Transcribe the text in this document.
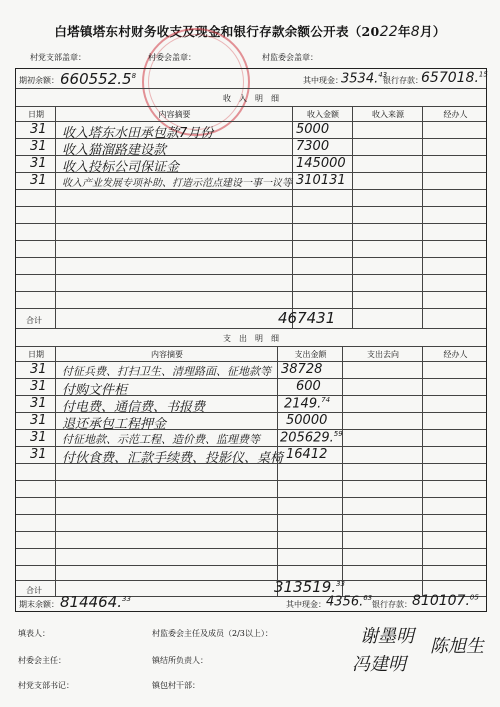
白塔镇塔东村财务收支及现金和银行存款余额公开表（2022年8月）
村党支部盖章：	村委会盖章：	村监委会盖章：
期初余额： 660552.5$^8$	其中现金：
3534.43
银行存款：
657018.15
收　入　明　细
日期	内容摘要	收入金额	收入来源	经办人
31 收入塔东水田承包款7月份	5000
31 收入猫溜路建设款	7300
31 收入投标公司保证金	145000
31 收入产业发展专项补助、打造示范点建设一事一议等 310131
合计	467431
支　出　明　细
日期	内容摘要	支出金额	支出去向	经办人
31 付征兵费、打扫卫生、清理路面、征地款等 38728
31 付购文件柜	600
31 付电费、通信费、书报费	2149.74
31 退还承包工程押金	50000
31 付征地款、示范工程、造价费、监理费等 205629.59
31 付伙食费、汇款手续费、投影仪、桌椅 16412
合计	313519.33
期末余额： 814464.33
其中现金： 4356.63
银行存款： 810107.05
填表人：	村监委会主任及成员（2/3以上）：
村委会主任：	镇结所负责人：
村党支部书记：	镇包村干部：
谢墨明
冯建明
陈旭生
